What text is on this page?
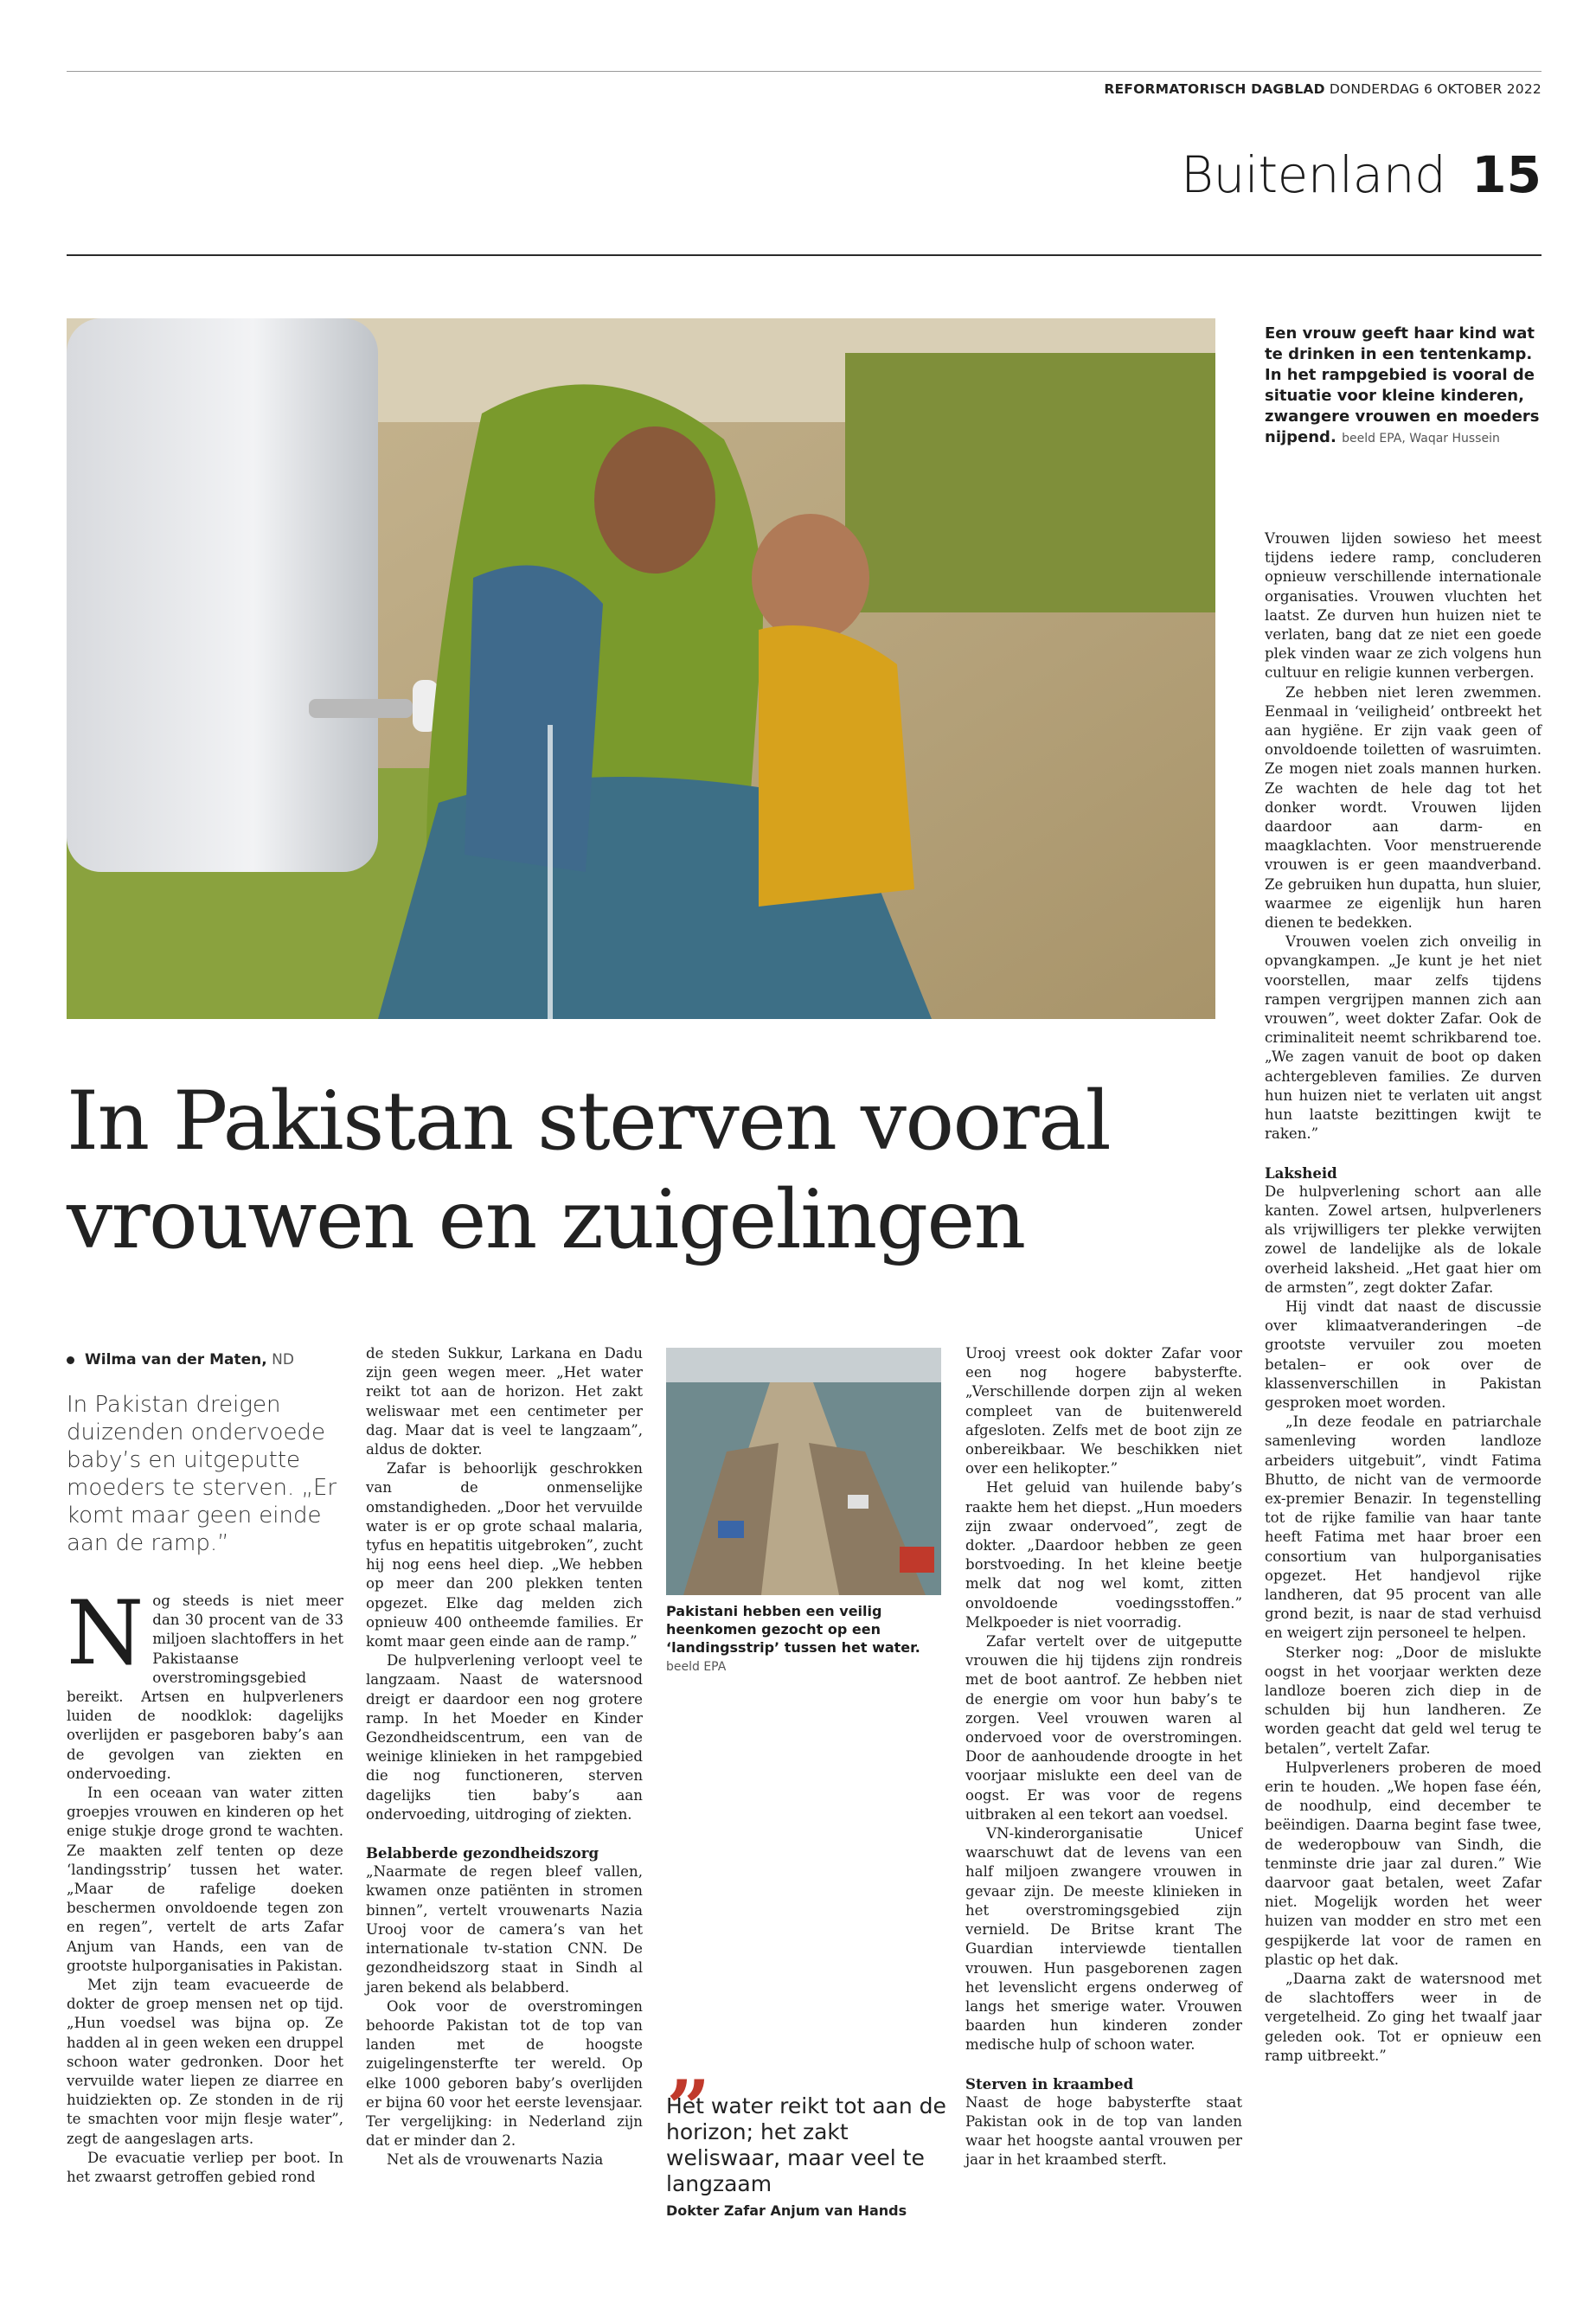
REFORMATORISCH DAGBLAD DONDERDAG 6 OKTOBER 2022
Buitenland 15
Een vrouw geeft haar kind wat te drinken in een tentenkamp. In het rampgebied is vooral de situatie voor kleine kinderen, zwangere vrouwen en moeders nijpend. beeld EPA, Waqar Hussein
In Pakistan sterven vooral vrouwen en zuigelingen
Wilma van der Maten, ND
In Pakistan dreigen duizenden ondervoede baby’s en uitgeputte moeders te sterven. „Er komt maar geen einde aan de ramp.”

Nog steeds is niet meer dan 30 procent van de 33 miljoen slachtoffers in het Pakistaanse overstromingsgebied bereikt. Artsen en hulpverleners luiden de noodklok: dagelijks overlijden er pasgeboren baby’s aan de gevolgen van ziekten en ondervoeding.

In een oceaan van water zitten groepjes vrouwen en kinderen op het enige stukje droge grond te wachten. Ze maakten zelf tenten op deze ‘landingsstrip’ tussen het water. „Maar de rafelige doeken beschermen onvoldoende tegen zon en regen”, vertelt de arts Zafar Anjum van Hands, een van de grootste hulporganisaties in Pakistan.

Met zijn team evacueerde de dokter de groep mensen net op tijd. „Hun voedsel was bijna op. Ze hadden al in geen weken een druppel schoon water gedronken. Door het vervuilde water liepen ze diarree en huidziekten op. Ze stonden in de rij te smachten voor mijn flesje water”, zegt de aangeslagen arts.

De evacuatie verliep per boot. In het zwaarst getroffen gebied rond

de steden Sukkur, Larkana en Dadu zijn geen wegen meer. „Het water reikt tot aan de horizon. Het zakt weliswaar met een centimeter per dag. Maar dat is veel te langzaam”, aldus de dokter.

Zafar is behoorlijk geschrokken van de onmenselijke omstandigheden. „Door het vervuilde water is er op grote schaal malaria, tyfus en hepatitis uitgebroken”, zucht hij nog eens heel diep. „We hebben op meer dan 200 plekken tenten opgezet. Elke dag melden zich opnieuw 400 ontheemde families. Er komt maar geen einde aan de ramp.”

De hulpverlening verloopt veel te langzaam. Naast de watersnood dreigt er daardoor een nog grotere ramp. In het Moeder en Kinder Gezondheidscentrum, een van de weinige klinieken in het rampgebied die nog functioneren, sterven dagelijks tien baby’s aan ondervoeding, uitdroging of ziekten.

Belabberde gezondheidszorg

„Naarmate de regen bleef vallen, kwamen onze patiënten in stromen binnen”, vertelt vrouwenarts Nazia Urooj voor de camera’s van het internationale tv-station CNN. De gezondheidszorg staat in Sindh al jaren bekend als belabberd.

Ook voor de overstromingen behoorde Pakistan tot de top van landen met de hoogste zuigelingensterfte ter wereld. Op elke 1000 geboren baby’s overlijden er bijna 60 voor het eerste levensjaar. Ter vergelijking: in Nederland zijn dat er minder dan 2.

Net als de vrouwenarts Nazia

Pakistani hebben een veilig heenkomen gezocht op een ‘landingsstrip’ tussen het water. beeld EPA
„
Het water reikt tot aan de horizon; het zakt weliswaar, maar veel te langzaam
Dokter Zafar Anjum van Hands

Urooj vreest ook dokter Zafar voor een nog hogere babysterfte. „Verschillende dorpen zijn al weken compleet van de buitenwereld afgesloten. Zelfs met de boot zijn ze onbereikbaar. We beschikken niet over een helikopter.”

Het geluid van huilende baby’s raakte hem het diepst. „Hun moeders zijn zwaar ondervoed”, zegt de dokter. „Daardoor hebben ze geen borstvoeding. In het kleine beetje melk dat nog wel komt, zitten onvoldoende voedingsstoffen.” Melkpoeder is niet voorradig.

Zafar vertelt over de uitgeputte vrouwen die hij tijdens zijn rondreis met de boot aantrof. Ze hebben niet de energie om voor hun baby’s te zorgen. Veel vrouwen waren al ondervoed voor de overstromingen. Door de aanhoudende droogte in het voorjaar mislukte een deel van de oogst. Er was voor de regens uitbraken al een tekort aan voedsel.

VN-kinderorganisatie Unicef waarschuwt dat de levens van een half miljoen zwangere vrouwen in gevaar zijn. De meeste klinieken in het overstromingsgebied zijn vernield. De Britse krant The Guardian interviewde tientallen vrouwen. Hun pasgeborenen zagen het levenslicht ergens onderweg of langs het smerige water. Vrouwen baarden hun kinderen zonder medische hulp of schoon water.

Sterven in kraambed

Naast de hoge babysterfte staat Pakistan ook in de top van landen waar het hoogste aantal vrouwen per jaar in het kraambed sterft.

Vrouwen lijden sowieso het meest tijdens iedere ramp, concluderen opnieuw verschillende internationale organisaties. Vrouwen vluchten het laatst. Ze durven hun huizen niet te verlaten, bang dat ze niet een goede plek vinden waar ze zich volgens hun cultuur en religie kunnen verbergen.

Ze hebben niet leren zwemmen. Eenmaal in ‘veiligheid’ ontbreekt het aan hygiëne. Er zijn vaak geen of onvoldoende toiletten of wasruimten. Ze mogen niet zoals mannen hurken. Ze wachten de hele dag tot het donker wordt. Vrouwen lijden daardoor aan darm- en maagklachten. Voor menstruerende vrouwen is er geen maandverband. Ze gebruiken hun dupatta, hun sluier, waarmee ze eigenlijk hun haren dienen te bedekken.

Vrouwen voelen zich onveilig in opvangkampen. „Je kunt je het niet voorstellen, maar zelfs tijdens rampen vergrijpen mannen zich aan vrouwen”, weet dokter Zafar. Ook de criminaliteit neemt schrikbarend toe. „We zagen vanuit de boot op daken achtergebleven families. Ze durven hun huizen niet te verlaten uit angst hun laatste bezittingen kwijt te raken.”

Laksheid

De hulpverlening schort aan alle kanten. Zowel artsen, hulpverleners als vrijwilligers ter plekke verwijten zowel de landelijke als de lokale overheid laksheid. „Het gaat hier om de armsten”, zegt dokter Zafar.

Hij vindt dat naast de discussie over klimaatveranderingen –de grootste vervuiler zou moeten betalen– er ook over de klassenverschillen in Pakistan gesproken moet worden.

„In deze feodale en patriarchale samenleving worden landloze arbeiders uitgebuit”, vindt Fatima Bhutto, de nicht van de vermoorde ex-premier Benazir. In tegenstelling tot de rijke familie van haar tante heeft Fatima met haar broer een consortium van hulporganisaties opgezet. Het handjevol rijke landheren, dat 95 procent van alle grond bezit, is naar de stad verhuisd en weigert zijn personeel te helpen.

Sterker nog: „Door de mislukte oogst in het voorjaar werkten deze landloze boeren zich diep in de schulden bij hun landheren. Ze worden geacht dat geld wel terug te betalen”, vertelt Zafar.

Hulpverleners proberen de moed erin te houden. „We hopen fase één, de noodhulp, eind december te beëindigen. Daarna begint fase twee, de wederopbouw van Sindh, die tenminste drie jaar zal duren.” Wie daarvoor gaat betalen, weet Zafar niet. Mogelijk worden het weer huizen van modder en stro met een gespijkerde lat voor de ramen en plastic op het dak.

„Daarna zakt de watersnood met de slachtoffers weer in de vergetelheid. Zo ging het twaalf jaar geleden ook. Tot er opnieuw een ramp uitbreekt.”
